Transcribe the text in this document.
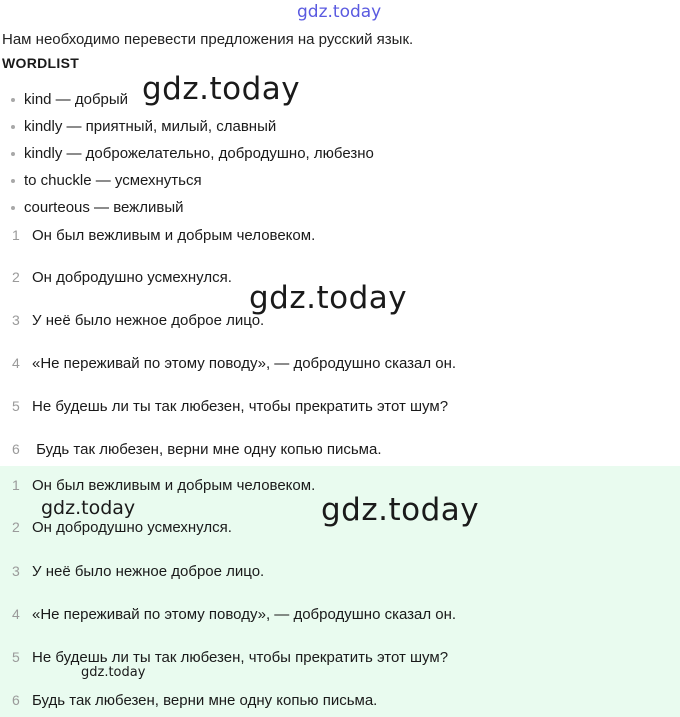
gdz.today
Нам необходимо перевести предложения на русский язык.
WORDLIST
kind — добрый
kindly — приятный, милый, славный
kindly — доброжелательно, добродушно, любезно
to chuckle — усмехнуться
courteous — вежливый
1 Он был вежливым и добрым человеком.
2 Он добродушно усмехнулся.
3 У неё было нежное доброе лицо.
4 «Не переживай по этому поводу», — добродушно сказал он.
5 Не будешь ли ты так любезен, чтобы прекратить этот шум?
6 Будь так любезен, верни мне одну копью письма.
1 Он был вежливым и добрым человеком.
2 Он добродушно усмехнулся.
3 У неё было нежное доброе лицо.
4 «Не переживай по этому поводу», — добродушно сказал он.
5 Не будешь ли ты так любезен, чтобы прекратить этот шум?
6 Будь так любезен, верни мне одну копью письма.
gdz.today
gdz.today
gdz.today
gdz.today
gdz.today
